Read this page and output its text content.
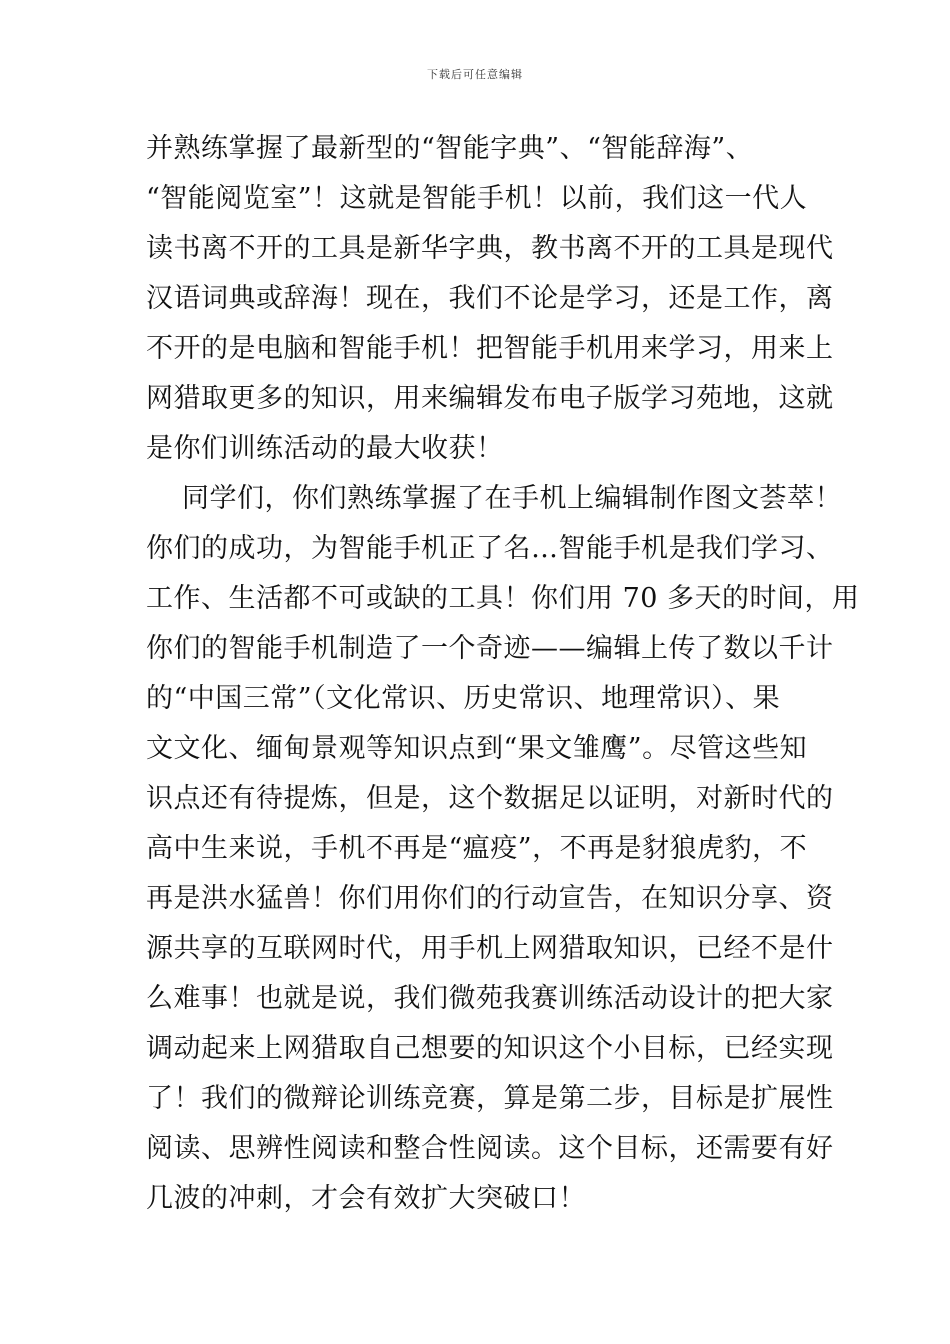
下载后可任意编辑
并熟练掌握了最新型的“智能字典”、“智能辞海”、
“智能阅览室”！这就是智能手机！以前，我们这一代人
读书离不开的工具是新华字典，教书离不开的工具是现代
汉语词典或辞海！现在，我们不论是学习，还是工作，离
不开的是电脑和智能手机！把智能手机用来学习，用来上
网猎取更多的知识，用来编辑发布电子版学习苑地，这就
是你们训练活动的最大收获！
同学们，你们熟练掌握了在手机上编辑制作图文荟萃！
你们的成功，为智能手机正了名…智能手机是我们学习、
工作、生活都不可或缺的工具！你们用 70 多天的时间，用
你们的智能手机制造了一个奇迹——编辑上传了数以千计
的“中国三常”（文化常识、历史常识、地理常识）、果
文文化、缅甸景观等知识点到“果文雏鹰”。尽管这些知
识点还有待提炼，但是，这个数据足以证明，对新时代的
高中生来说，手机不再是“瘟疫”，不再是豺狼虎豹，不
再是洪水猛兽！你们用你们的行动宣告，在知识分享、资
源共享的互联网时代，用手机上网猎取知识，已经不是什
么难事！也就是说，我们微苑我赛训练活动设计的把大家
调动起来上网猎取自己想要的知识这个小目标，已经实现
了！我们的微辩论训练竞赛，算是第二步，目标是扩展性
阅读、思辨性阅读和整合性阅读。这个目标，还需要有好
几波的冲刺，才会有效扩大突破口！
